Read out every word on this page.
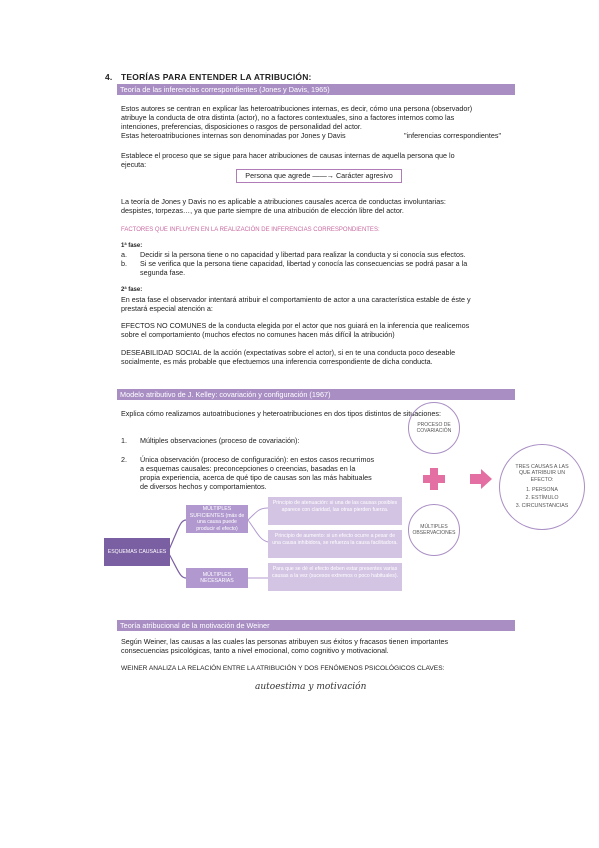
4. TEORÍAS PARA ENTENDER LA ATRIBUCIÓN:
Teoría de las inferencias correspondientes (Jones y Davis, 1965)
Estos autores se centran en explicar las heteroatribuciones internas, es decir, cómo una persona (observador)
atribuye la conducta de otra distinta (actor), no a factores contextuales, sino a factores internos como las
intenciones, preferencias, disposiciones o rasgos de personalidad del actor.
Estas heteroatribuciones internas son denominadas por Jones y Davis	"inferencias correspondientes"
Establece el proceso que se sigue para hacer atribuciones de causas internas de aquella persona que lo
ejecuta:
Persona que agrede ——→ Carácter agresivo
La teoría de Jones y Davis no es aplicable a atribuciones causales acerca de conductas involuntarias:
despistes, torpezas…, ya que parte siempre de una atribución de elección libre del actor.
FACTORES QUE INFLUYEN EN LA REALIZACIÓN DE INFERENCIAS CORRESPONDIENTES:
1ª fase:
a. Decidir si la persona tiene o no capacidad y libertad para realizar la conducta y si conocía sus efectos.
b. Si se verifica que la persona tiene capacidad, libertad y conocía las consecuencias se podrá pasar a la
segunda fase.
2ª fase:
En esta fase el observador intentará atribuir el comportamiento de actor a una característica estable de éste y
prestará especial atención a:
EFECTOS NO COMUNES de la conducta elegida por el actor que nos guiará en la inferencia que realicemos
sobre el comportamiento (muchos efectos no comunes hacen más difícil la atribución)
DESEABILIDAD SOCIAL de la acción (expectativas sobre el actor), si en te una conducta poco deseable
socialmente, es más probable que efectuemos una inferencia correspondiente de dicha conducta.
Modelo atributivo de J. Kelley: covariación y configuración (1967)
Explica cómo realizamos autoatribuciones y heteroatribuciones en dos tipos distintos de situaciones:
1. Múltiples observaciones (proceso de covariación):
2. Única observación (proceso de configuración): en estos casos recurrimos
a esquemas causales: preconcepciones o creencias, basadas en la
propia experiencia, acerca de qué tipo de causas son las más habituales
de diversos hechos y comportamientos.
ESQUEMAS CAUSALES
MÚLTIPLES SUFICIENTES (más de una causa puede producir el efecto)
MÚLTIPLES NECESARIAS
Principio de atenuación: si una de las causas posibles aparece con claridad, las otras pierden fuerza.
Principio de aumento: si un efecto ocurre a pesar de una causa inhibidora, se refuerza la causa facilitadora.
Para que se dé el efecto deben estar presentes varias causas a la vez (sucesos extremos o poco habituales).
PROCESO DE COVARIACIÓN
MÚLTIPLES OBSERVACIONES
TRES CAUSAS A LAS QUE ATRIBUIR UN EFECTO:
1. PERSONA
2. ESTÍMULO
3. CIRCUNSTANCIAS
Teoría atribucional de la motivación de Weiner
Según Weiner, las causas a las cuales las personas atribuyen sus éxitos y fracasos tienen importantes
consecuencias psicológicas, tanto a nivel emocional, como cognitivo y motivacional.
WEINER ANALIZA LA RELACIÓN ENTRE LA ATRIBUCIÓN Y DOS FENÓMENOS PSICOLÓGICOS CLAVES:
autoestima y motivación
